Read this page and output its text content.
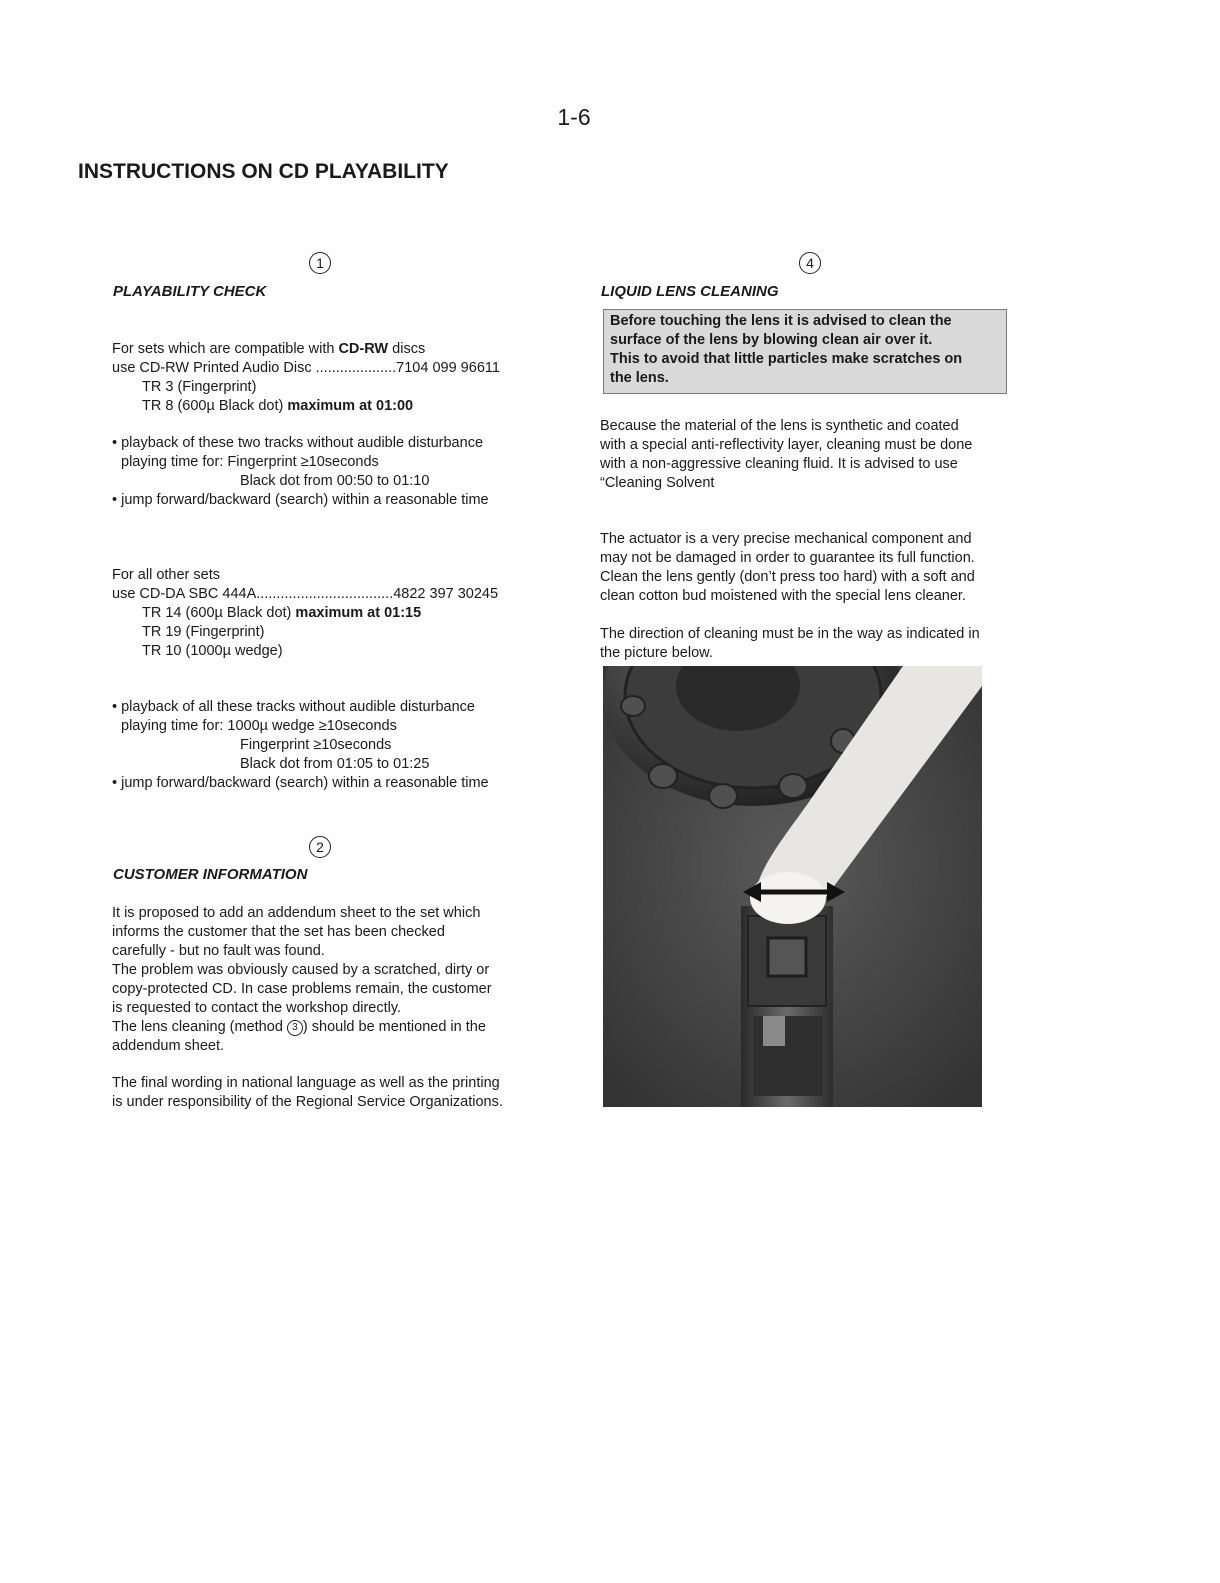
1-6
INSTRUCTIONS ON CD PLAYABILITY
1
PLAYABILITY CHECK

For sets which are compatible with CD-RW discs

use CD-RW Printed Audio Disc ....................7104 099 96611

TR 3 (Fingerprint)

TR 8 (600µ Black dot) maximum at 01:00

• playback of these two tracks without audible disturbance

playing time for: Fingerprint ≥10seconds

Black dot from 00:50 to 01:10

• jump forward/backward (search) within a reasonable time

For all other sets

use CD-DA SBC 444A..................................4822 397 30245

TR 14 (600µ Black dot) maximum at 01:15

TR 19 (Fingerprint)

TR 10 (1000µ wedge)

• playback of all these tracks without audible disturbance

playing time for: 1000µ wedge ≥10seconds

Fingerprint ≥10seconds

Black dot from 01:05 to 01:25

• jump forward/backward (search) within a reasonable time

2
CUSTOMER INFORMATION

It is proposed to add an addendum sheet to the set which

informs the customer that the set has been checked

carefully - but no fault was found.

The problem was obviously caused by a scratched, dirty or

copy-protected CD. In case problems remain, the customer

is requested to contact the workshop directly.

The lens cleaning (method 3 ) should be mentioned in the

addendum sheet.

The final wording in national language as well as the printing

is under responsibility of the Regional Service Organizations.

4
LIQUID LENS CLEANING

Before touching the lens it is advised to clean the

surface of the lens by blowing clean air over it.

This to avoid that little particles make scratches on

the lens.

Because the material of the lens is synthetic and coated

with a special anti-reflectivity layer, cleaning must be done

with a non-aggressive cleaning fluid. It is advised to use

“Cleaning Solvent

The actuator is a very precise mechanical component and

may not be damaged in order to guarantee its full function.

Clean the lens gently (don’t press too hard) with a soft and

clean cotton bud moistened with the special lens cleaner.

The direction of cleaning must be in the way as indicated in

the picture below.
